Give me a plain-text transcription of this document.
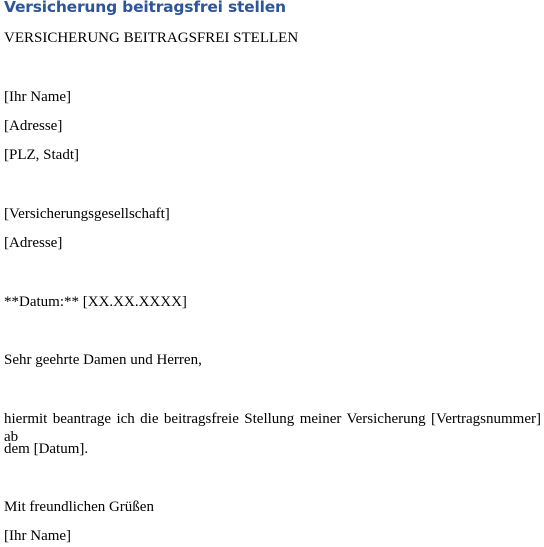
Versicherung beitragsfrei stellen

VERSICHERUNG BEITRAGSFREI STELLEN

[Ihr Name]

[Adresse]

[PLZ, Stadt]

[Versicherungsgesellschaft]

[Adresse]

**Datum:** [XX.XX.XXXX]

Sehr geehrte Damen und Herren,

hiermit beantrage ich die beitragsfreie Stellung meiner Versicherung [Vertragsnummer] ab

dem [Datum].

Mit freundlichen Grüßen

[Ihr Name]
